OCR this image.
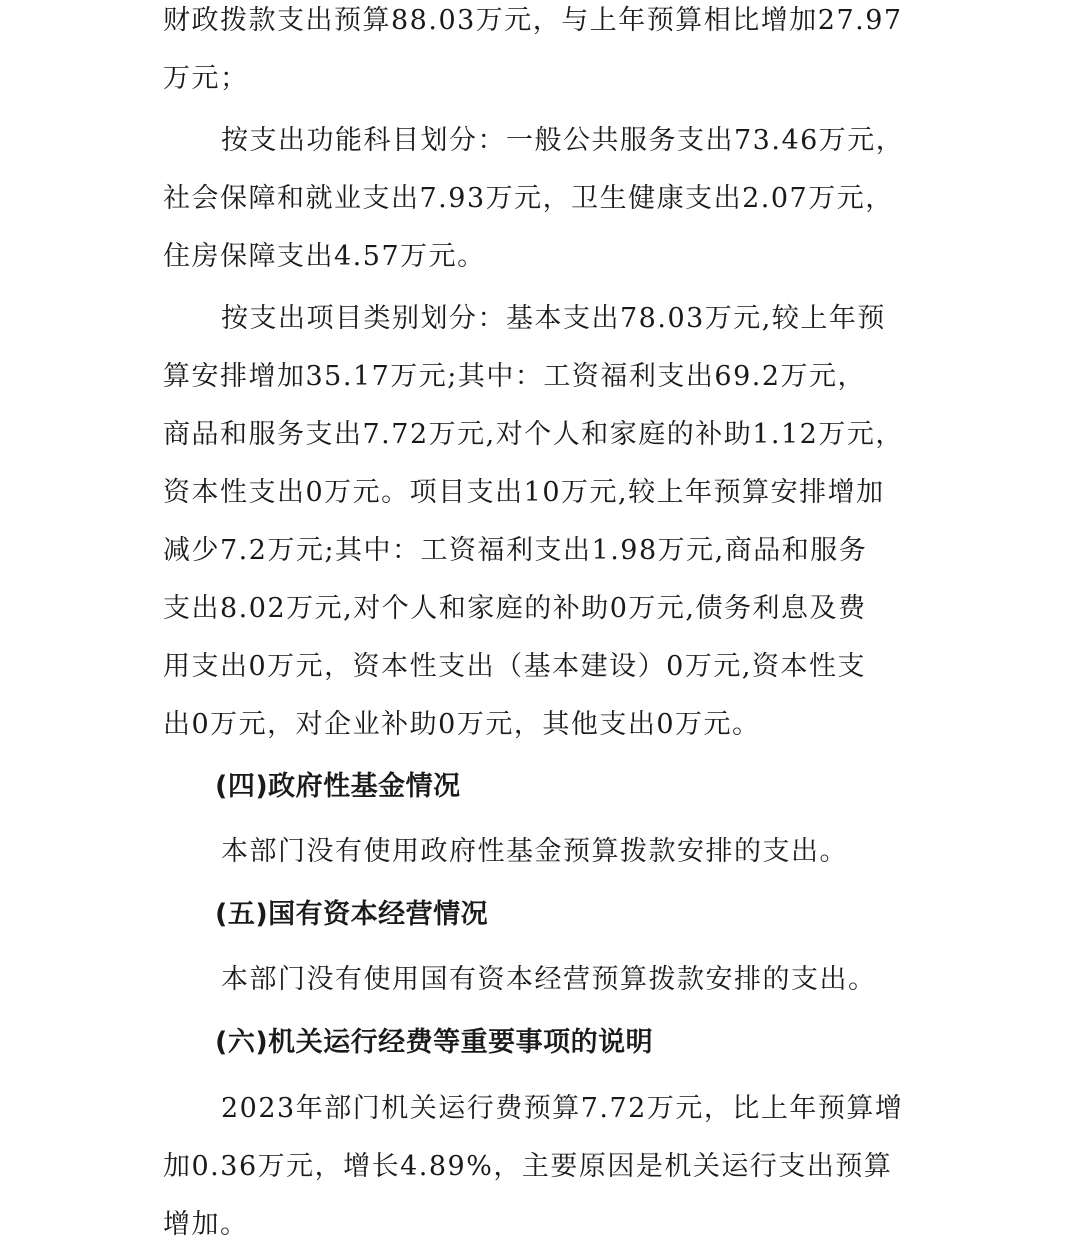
财政拨款支出预算88.03万元，与上年预算相比增加27.97
万元；
按支出功能科目划分：一般公共服务支出73.46万元，
社会保障和就业支出7.93万元，卫生健康支出2.07万元，
住房保障支出4.57万元。
按支出项目类别划分：基本支出78.03万元,较上年预
算安排增加35.17万元;其中：工资福利支出69.2万元，
商品和服务支出7.72万元,对个人和家庭的补助1.12万元，
资本性支出0万元。项目支出10万元,较上年预算安排增加
减少7.2万元;其中：工资福利支出1.98万元,商品和服务
支出8.02万元,对个人和家庭的补助0万元,债务利息及费
用支出0万元，资本性支出（基本建设）0万元,资本性支
出0万元，对企业补助0万元，其他支出0万元。
(四)政府性基金情况
本部门没有使用政府性基金预算拨款安排的支出。
(五)国有资本经营情况
本部门没有使用国有资本经营预算拨款安排的支出。
(六)机关运行经费等重要事项的说明
2023年部门机关运行费预算7.72万元，比上年预算增
加0.36万元，增长4.89%，主要原因是机关运行支出预算
增加。
